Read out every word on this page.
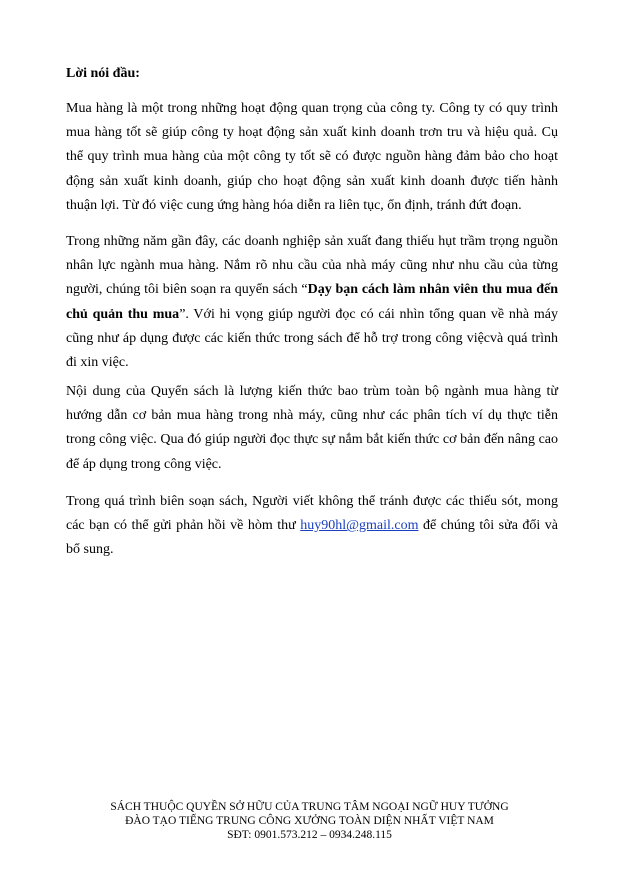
Lời nói đầu:

Mua hàng là một trong những hoạt động quan trọng của công ty. Công ty có quy trình mua hàng tốt sẽ giúp công ty hoạt động sản xuất kinh doanh trơn tru và hiệu quả. Cụ thể quy trình mua hàng của một công ty tốt sẽ có được nguồn hàng đảm bảo cho hoạt động sản xuất kinh doanh, giúp cho hoạt động sản xuất kinh doanh được tiến hành thuận lợi. Từ đó việc cung ứng hàng hóa diễn ra liên tục, ổn định, tránh đứt đoạn.

Trong những năm gần đây, các doanh nghiệp sản xuất đang thiếu hụt trầm trọng nguồn nhân lực ngành mua hàng. Nắm rõ nhu cầu của nhà máy cũng như nhu cầu của từng người, chúng tôi biên soạn ra quyển sách “Dạy bạn cách làm nhân viên thu mua đến chủ quản thu mua”. Với hi vọng giúp người đọc có cái nhìn tổng quan về nhà máy cũng như áp dụng được các kiến thức trong sách để hỗ trợ trong công việcvà quá trình đi xin việc.

Nội dung của Quyển sách là lượng kiến thức bao trùm toàn bộ ngành mua hàng từ hướng dẫn cơ bản mua hàng trong nhà máy, cũng như các phân tích ví dụ thực tiễn trong công việc. Qua đó giúp người đọc thực sự nắm bắt kiến thức cơ bản đến nâng cao để áp dụng trong công việc.

Trong quá trình biên soạn sách, Người viết không thể tránh được các thiếu sót, mong các bạn có thể gửi phản hồi về hòm thư huy90hl@gmail.com để chúng tôi sửa đổi và bổ sung.

SÁCH THUỘC QUYỀN SỞ HỮU CỦA TRUNG TÂM NGOẠI NGỮ HUY TƯỞNG
ĐÀO TẠO TIẾNG TRUNG CÔNG XƯỞNG TOÀN DIỆN NHẤT VIỆT NAM
SĐT: 0901.573.212 – 0934.248.115
